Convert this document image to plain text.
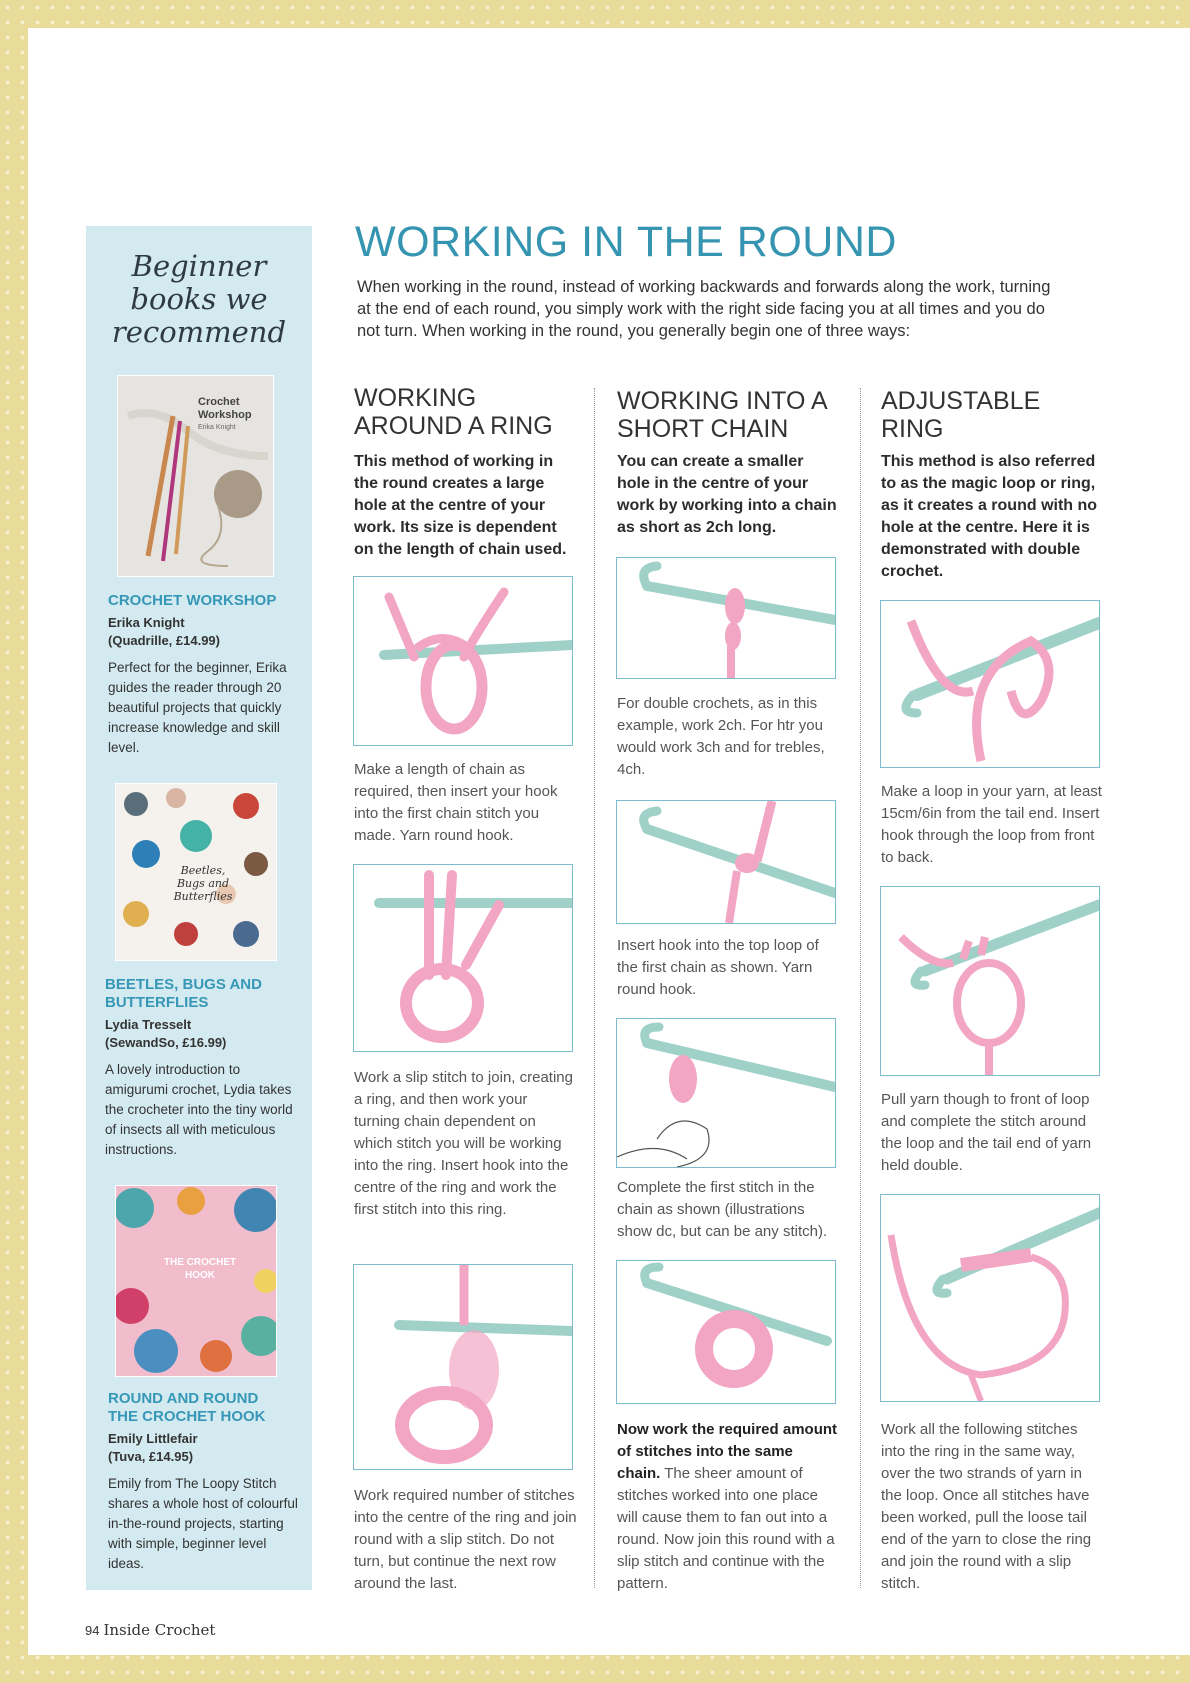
Beginner
books we
recommend
Crochet Workshop
Erika Knight
CROCHET WORKSHOP
Erika Knight
(Quadrille, £14.99)
Perfect for the beginner, Erika guides the reader through 20 beautiful projects that quickly increase knowledge and skill level.
Beetles, Bugs and Butterflies
BEETLES, BUGS AND BUTTERFLIES
Lydia Tresselt
(SewandSo, £16.99)
A lovely introduction to amigurumi crochet, Lydia takes the crocheter into the tiny world of insects all with meticulous instructions.
THE CROCHET HOOK
ROUND AND ROUND THE CROCHET HOOK
Emily Littlefair
(Tuva, £14.95)
Emily from The Loopy Stitch shares a whole host of colourful in-the-round projects, starting with simple, beginner level ideas.
WORKING IN THE ROUND
When working in the round, instead of working backwards and forwards along the work, turning at the end of each round, you simply work with the right side facing you at all times and you do not turn. When working in the round, you generally begin one of three ways:
WORKING AROUND A RING
This method of working in the round creates a large hole at the centre of your work. Its size is dependent on the length of chain used.
Make a length of chain as required, then insert your hook into the first chain stitch you made. Yarn round hook.
Work a slip stitch to join, creating a ring, and then work your turning chain dependent on which stitch you will be working into the ring. Insert hook into the centre of the ring and work the first stitch into this ring.
Work required number of stitches into the centre of the ring and join round with a slip stitch. Do not turn, but continue the next row around the last.
WORKING INTO A SHORT CHAIN
You can create a smaller hole in the centre of your work by working into a chain as short as 2ch long.
For double crochets, as in this example, work 2ch. For htr you would work 3ch and for trebles, 4ch.
Insert hook into the top loop of the first chain as shown. Yarn round hook.
Complete the first stitch in the chain as shown (illustrations show dc, but can be any stitch).
Now work the required amount of stitches into the same chain. The sheer amount of stitches worked into one place will cause them to fan out into a round. Now join this round with a slip stitch and continue with the pattern.
ADJUSTABLE RING
This method is also referred to as the magic loop or ring, as it creates a round with no hole at the centre. Here it is demonstrated with double crochet.
Make a loop in your yarn, at least 15cm/6in from the tail end. Insert hook through the loop from front to back.
Pull yarn though to front of loop and complete the stitch around the loop and the tail end of yarn held double.
Work all the following stitches into the ring in the same way, over the two strands of yarn in the loop. Once all stitches have been worked, pull the loose tail end of the yarn to close the ring and join the round with a slip stitch.
94 Inside Crochet
